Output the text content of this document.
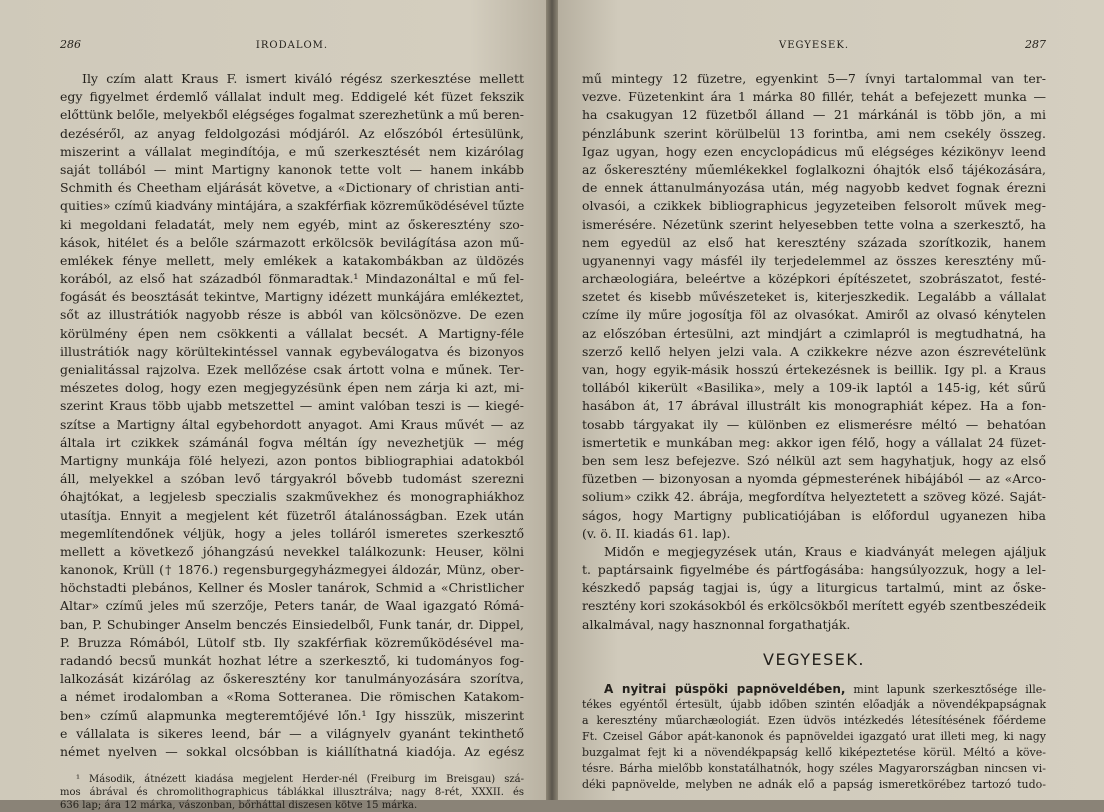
286	IRODALOM.
Ily czím alatt Kraus F. ismert kiváló régész szerkesztése mellett
egy figyelmet érdemlő vállalat indult meg. Eddigelé két füzet fekszik
előttünk belőle, melyekből elégséges fogalmat szerezhetünk a mű beren-
dezéséről, az anyag feldolgozási módjáról. Az előszóból értesülünk,
miszerint a vállalat megindítója, e mű szerkesztését nem kizárólag
saját tollából — mint Martigny kanonok tette volt — hanem inkább
Schmith és Cheetham eljárását követve, a «Dictionary of christian anti-
quities» czímű kiadvány mintájára, a szakférfiak közreműködésével tűzte
ki megoldani feladatát, mely nem egyéb, mint az őskeresztény szo-
kások, hitélet és a belőle származott erkölcsök bevilágítása azon mű-
emlékek fénye mellett, mely emlékek a katakombákban az üldözés
korából, az első hat századból fönmaradtak.¹ Mindazonáltal e mű fel-
fogását és beosztását tekintve, Martigny idézett munkájára emlékeztet,
sőt az illustrátiók nagyobb része is abból van kölcsönözve. De ezen
körülmény épen nem csökkenti a vállalat becsét. A Martigny-féle
illustrátiók nagy körültekintéssel vannak egybeválogatva és bizonyos
genialitással rajzolva. Ezek mellőzése csak ártott volna e műnek. Ter-
mészetes dolog, hogy ezen megjegyzésünk épen nem zárja ki azt, mi-
szerint Kraus több ujabb metszettel — amint valóban teszi is — kiegé-
szítse a Martigny által egybehordott anyagot. Ami Kraus művét — az
általa irt czikkek számánál fogva méltán így nevezhetjük — még
Martigny munkája fölé helyezi, azon pontos bibliographiai adatokból
áll, melyekkel a szóban levő tárgyakról bővebb tudomást szerezni
óhajtókat, a legjelesb speczialis szakművekhez és monographiákhoz
utasítja. Ennyit a megjelent két füzetről átalánosságban. Ezek után
megemlítendőnek véljük, hogy a jeles tolláról ismeretes szerkesztő
mellett a következő jóhangzású nevekkel találkozunk: Heuser, kölni
kanonok, Krüll († 1876.) regensburgegyházmegyei áldozár, Münz, ober-
höchstadti plebános, Kellner és Mosler tanárok, Schmid a «Christlicher
Altar» czímű jeles mű szerzője, Peters tanár, de Waal igazgató Rómá-
ban, P. Schubinger Anselm benczés Einsiedelből, Funk tanár, dr. Dippel,
P. Bruzza Rómából, Lütolf stb. Ily szakférfiak közreműködésével ma-
radandó becsű munkát hozhat létre a szerkesztő, ki tudományos fog-
lalkozását kizárólag az őskeresztény kor tanulmányozására szorítva,
a német irodalomban a «Roma Sotteranea. Die römischen Katakom-
ben» czímű alapmunka megteremtőjévé lőn.¹ Igy hisszük, miszerint
e vállalata is sikeres leend, bár — a világnyelv gyanánt tekinthető
német nyelven — sokkal olcsóbban is kiállíthatná kiadója. Az egész
¹ Második, átnézett kiadása megjelent Herder-nél (Freiburg im Breisgau) szá-
mos ábrával és chromolithographicus táblákkal illusztrálva; nagy 8-rét, XXXII. és
636 lap; ára 12 márka, vászonban, bőrháttal diszesen kötve 15 márka.
VEGYESEK.	287
mű mintegy 12 füzetre, egyenkint 5—7 ívnyi tartalommal van ter-
vezve. Füzetenkint ára 1 márka 80 fillér, tehát a befejezett munka —
ha csakugyan 12 füzetből álland — 21 márkánál is több jön, a mi
pénzlábunk szerint körülbelül 13 forintba, ami nem csekély összeg.
Igaz ugyan, hogy ezen encyclopádicus mű elégséges kézikönyv leend
az őskeresztény műemlékekkel foglalkozni óhajtók első tájékozására,
de ennek áttanulmányozása után, még nagyobb kedvet fognak érezni
olvasói, a czikkek bibliographicus jegyzeteiben felsorolt művek meg-
ismerésére. Nézetünk szerint helyesebben tette volna a szerkesztő, ha
nem egyedül az első hat keresztény százada szorítkozik, hanem
ugyanennyi vagy másfél ily terjedelemmel az összes keresztény mű-
archæologiára, beleértve a középkori építészetet, szobrászatot, festé-
szetet és kisebb művészeteket is, kiterjeszkedik. Legalább a vállalat
czíme ily műre jogosítja föl az olvasókat. Amiről az olvasó kénytelen
az előszóban értesülni, azt mindjárt a czimlapról is megtudhatná, ha
szerző kellő helyen jelzi vala. A czikkekre nézve azon észrevételünk
van, hogy egyik-másik hosszú értekezésnek is beillik. Igy pl. a Kraus
tollából kikerült «Basilika», mely a 109-ik laptól a 145-ig, két sűrű
hasábon át, 17 ábrával illustrált kis monographiát képez. Ha a fon-
tosabb tárgyakat ily — különben ez elismerésre méltó — behatóan
ismertetik e munkában meg: akkor igen félő, hogy a vállalat 24 füzet-
ben sem lesz befejezve. Szó nélkül azt sem hagyhatjuk, hogy az első
füzetben — bizonyosan a nyomda gépmesterének hibájából — az «Arco-
solium» czikk 42. ábrája, megfordítva helyeztetett a szöveg közé. Saját-
ságos, hogy Martigny publicatiójában is előfordul ugyanezen hiba
(v. ö. II. kiadás 61. lap).
Midőn e megjegyzések után, Kraus e kiadványát melegen ajáljuk
t. paptársaink figyelmébe és pártfogásába: hangsúlyozzuk, hogy a lel-
készkedő papság tagjai is, úgy a liturgicus tartalmú, mint az őske-
resztény kori szokásokból és erkölcsökből merített egyéb szentbeszédeik
alkalmával, nagy hasznonnal forgathatják.
VEGYESEK.
A nyitrai püspöki papnöveldében, mint lapunk szerkesztősége ille-
tékes egyéntől értesült, újabb időben szintén előadják a növendékpapságnak
a keresztény műarchæologiát. Ezen üdvös intézkedés létesítésének főérdeme
Ft. Czeisel Gábor apát-kanonok és papnöveldei igazgató urat illeti meg, ki nagy
buzgalmat fejt ki a növendékpapság kellő kiképeztetése körül. Méltó a köve-
tésre. Bárha mielőbb konstatálhatnók, hogy széles Magyarországban nincsen vi-
déki papnövelde, melyben ne adnák elő a papság ismeretkörébez tartozó tudo-
